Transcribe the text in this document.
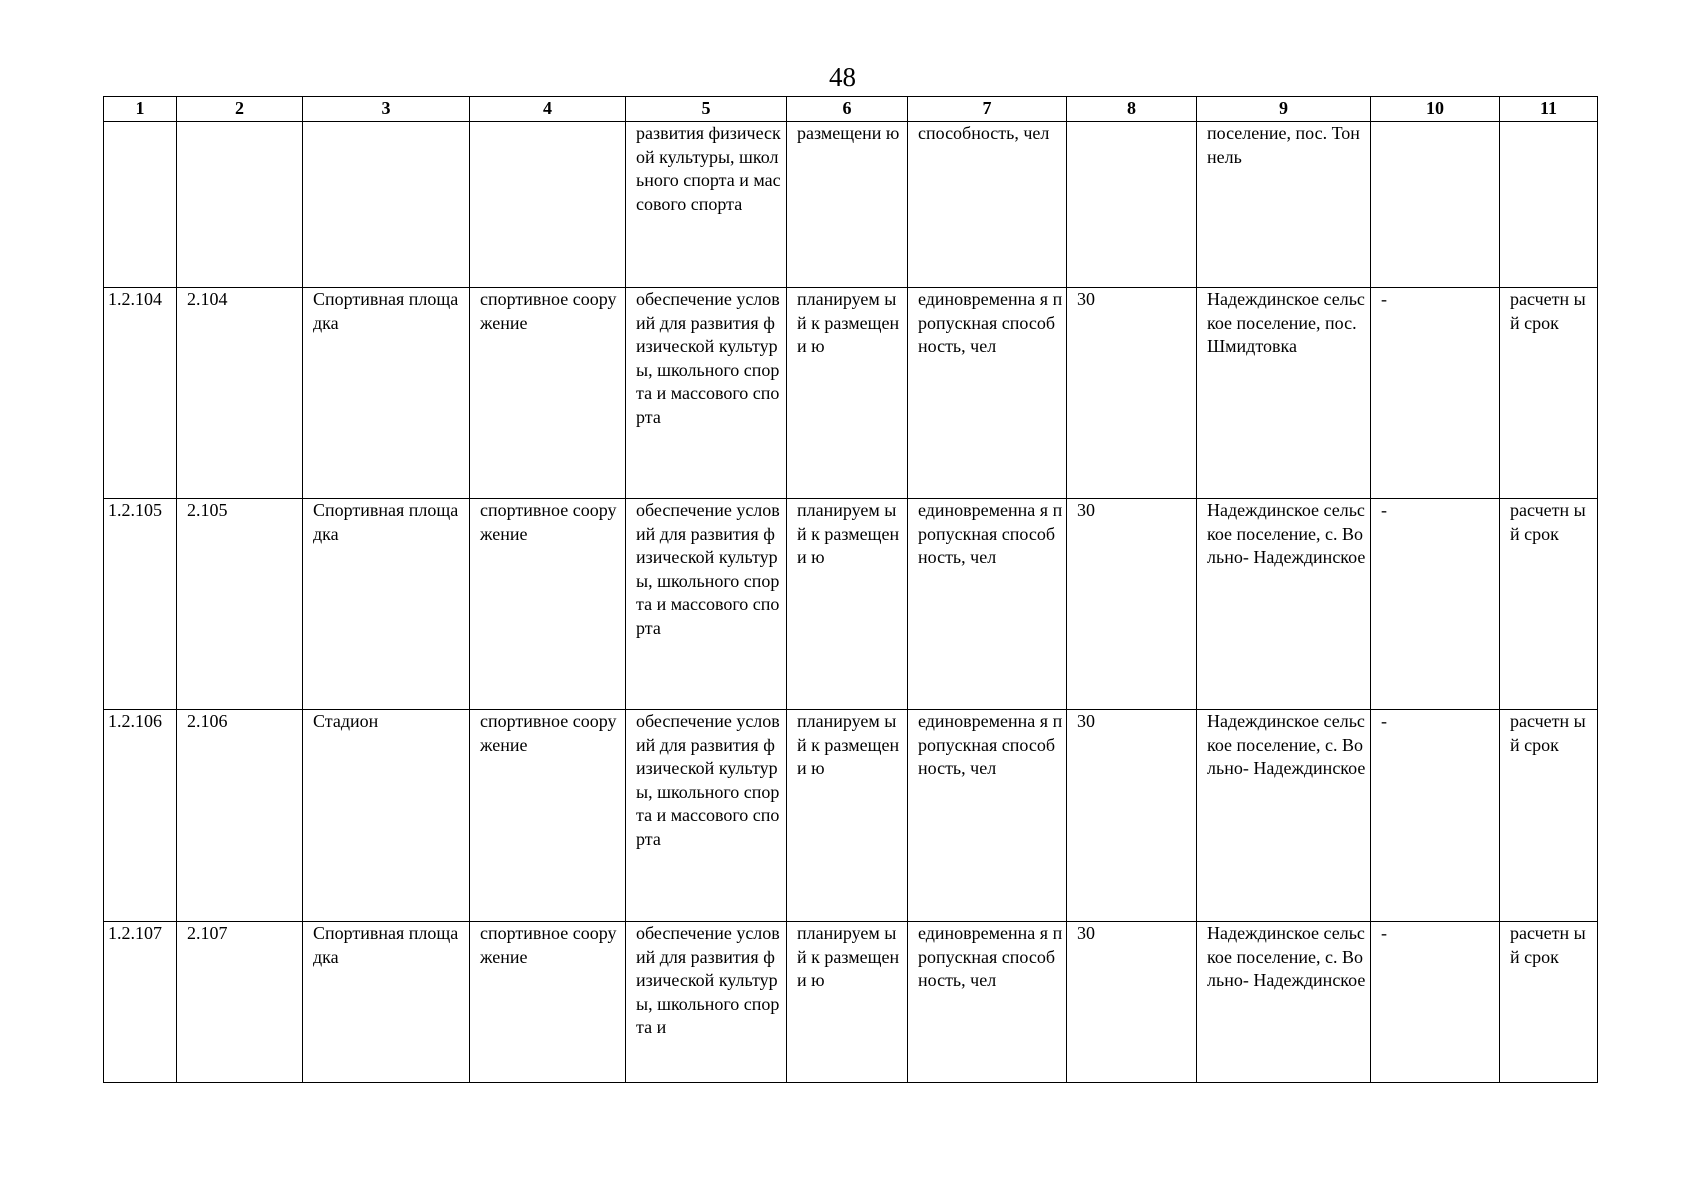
48
1	2	3	4	5	6	7	8	9	10	11
				развития физической культуры, школьного спорта и массового спорта	размещени ю	способность, чел		поселение, пос. Тоннель		
1.2.104	2.104	Спортивная площадка	спортивное сооружение	обеспечение условий для развития физической культуры, школьного спорта и массового спорта	планируем ый к размещени ю	единовременна я пропускная способность, чел	30	Надеждинское сельское поселение, пос. Шмидтовка	-	расчетн ый срок
1.2.105	2.105	Спортивная площадка	спортивное сооружение	обеспечение условий для развития физической культуры, школьного спорта и массового спорта	планируем ый к размещени ю	единовременна я пропускная способность, чел	30	Надеждинское сельское поселение, с. Вольно- Надеждинское	-	расчетн ый срок
1.2.106	2.106	Стадион	спортивное сооружение	обеспечение условий для развития физической культуры, школьного спорта и массового спорта	планируем ый к размещени ю	единовременна я пропускная способность, чел	30	Надеждинское сельское поселение, с. Вольно- Надеждинское	-	расчетн ый срок
1.2.107	2.107	Спортивная площадка	спортивное сооружение	обеспечение условий для развития физической культуры, школьного спорта и	планируем ый к размещени ю	единовременна я пропускная способность, чел	30	Надеждинское сельское поселение, с. Вольно- Надеждинское	-	расчетн ый срок
